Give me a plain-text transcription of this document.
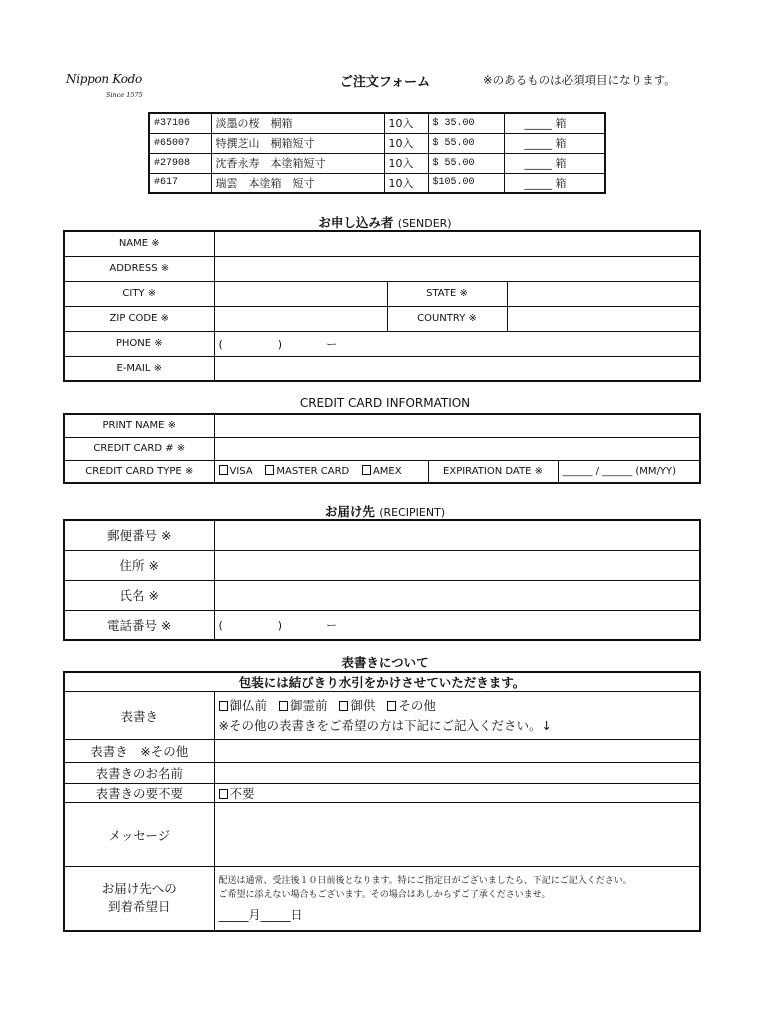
Nippon Kodo
Since 1575
ご注文フォーム	※のあるものは必須項目になります。
#37106	淡墨の桜　桐箱	10入	$ 35.00	_____ 箱
#65007	特撰芝山　桐箱短寸	10入	$ 55.00	_____ 箱
#27908	沈香永寿　本塗箱短寸	10入	$ 55.00	_____ 箱
#617	瑞雲　本塗箱　短寸	10入	$105.00	_____ 箱
お申し込み者 (SENDER)
NAME ※			
ADDRESS ※			
CITY ※		STATE ※	
ZIP CODE ※		COUNTRY ※	
PHONE ※	(　　　　　)　　　　ー		
E-MAIL ※			
CREDIT CARD INFORMATION
PRINT NAME ※			
CREDIT CARD # ※			
CREDIT CARD TYPE ※	VISA MASTER CARD AMEX	EXPIRATION DATE ※	______ / ______ (MM/YY)
お届け先 (RECIPIENT)
郵便番号 ※	
住所 ※	
氏名 ※	
電話番号 ※	(　　　　　)　　　　ー
表書きについて
包装には結びきり水引をかけさせていただきます。	
表書き	御仏前 御霊前 御供 その他
※その他の表書きをご希望の方は下記にご記入ください。↓

表書き　※その他	
表書きのお名前	
表書きの要不要	不要
メッセージ	

お届け先への
到着希望日	配送は通常、受注後１０日前後となります。特にご指定日がございましたら、下記にご記入ください。
ご希望に添えない場合もございます。その場合はあしからずご了承くださいませ。
_____月_____日
